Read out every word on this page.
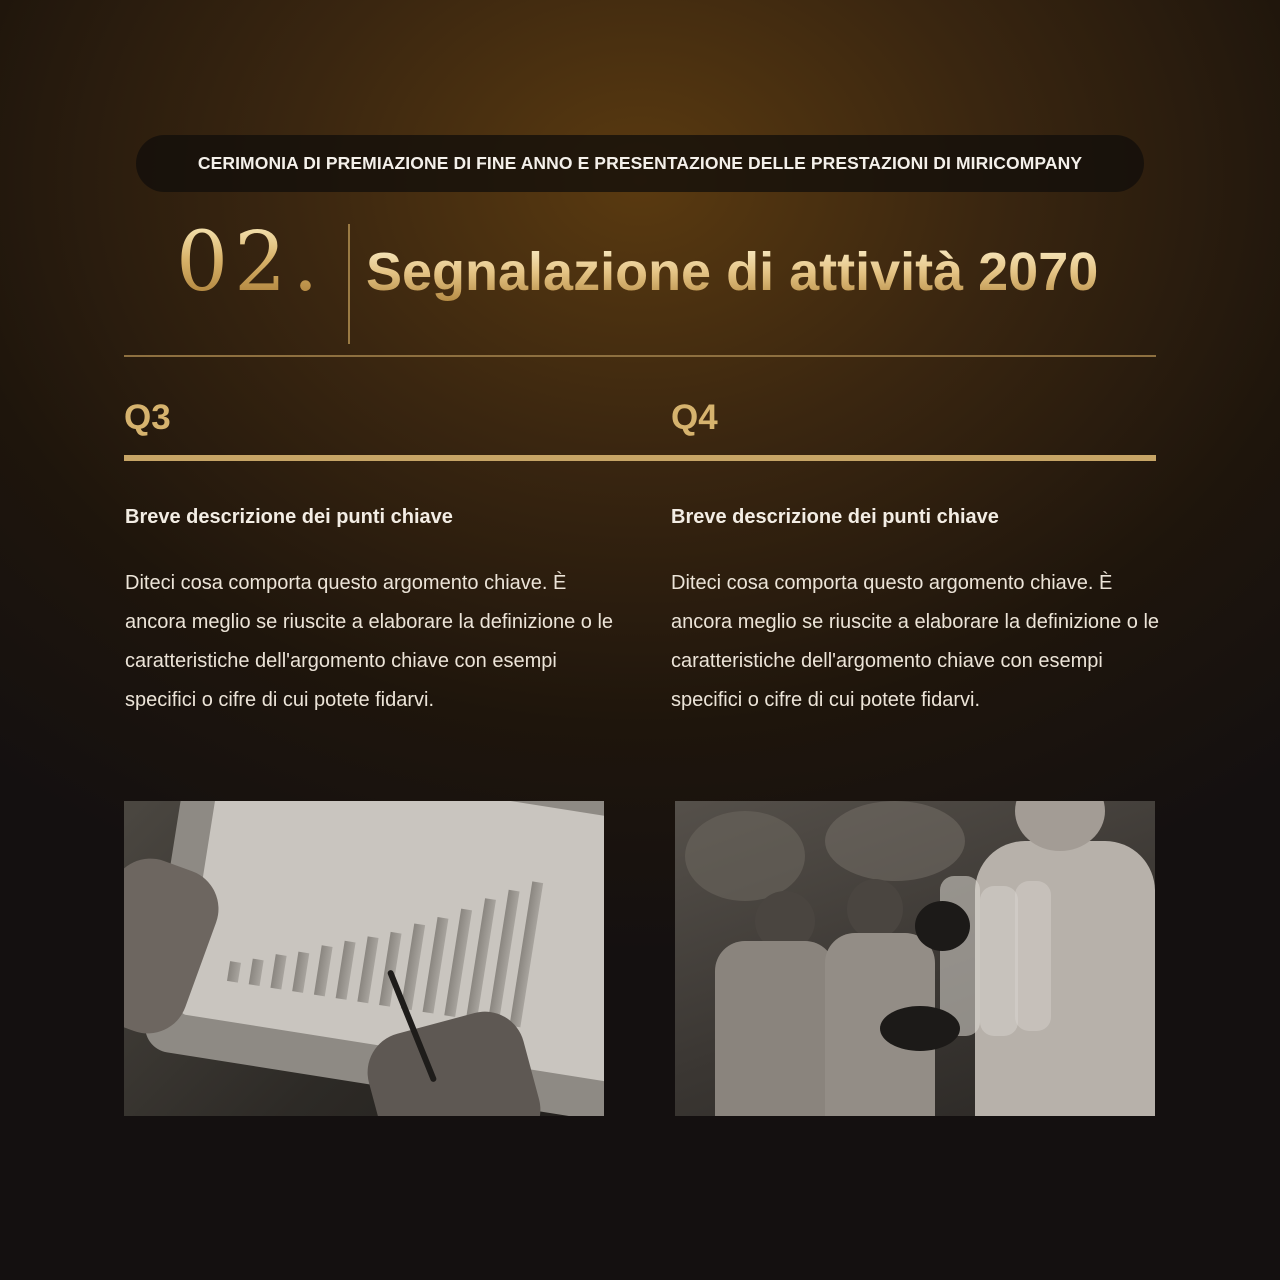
CERIMONIA DI PREMIAZIONE DI FINE ANNO E PRESENTAZIONE DELLE PRESTAZIONI DI MIRICOMPANY
02. Segnalazione di attività 2070
Q3	Q4
Breve descrizione dei punti chiave	Breve descrizione dei punti chiave
Diteci cosa comporta questo argomento chiave. È ancora meglio se riuscite a elaborare la definizione o le caratteristiche dell'argomento chiave con esempi specifici o cifre di cui potete fidarvi.
Diteci cosa comporta questo argomento chiave. È ancora meglio se riuscite a elaborare la definizione o le caratteristiche dell'argomento chiave con esempi specifici o cifre di cui potete fidarvi.
